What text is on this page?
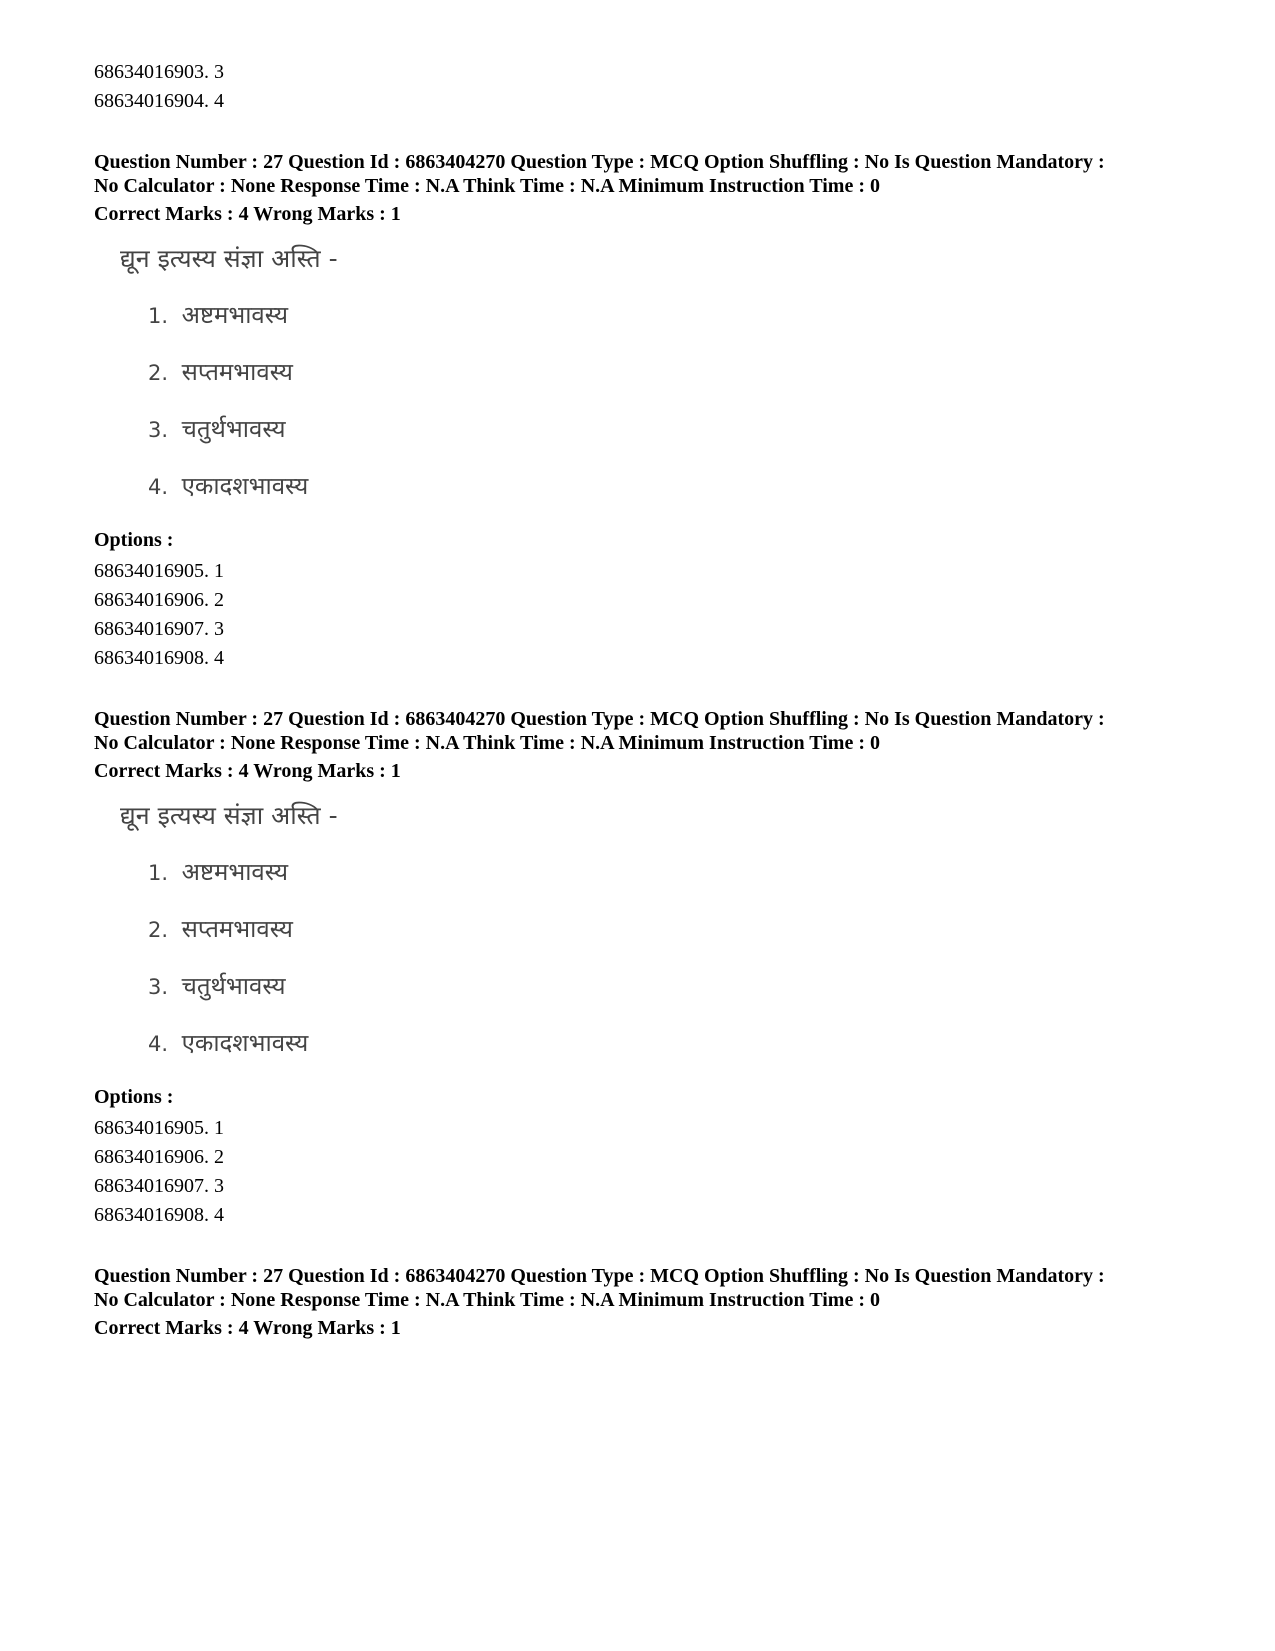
68634016903. 3
68634016904. 4
Question Number : 27 Question Id : 6863404270 Question Type : MCQ Option Shuffling : No Is Question Mandatory :
No Calculator : None Response Time : N.A Think Time : N.A Minimum Instruction Time : 0
Correct Marks : 4 Wrong Marks : 1
द्यून इत्यस्य संज्ञा अस्ति -
1. अष्टमभावस्य
2. सप्तमभावस्य
3. चतुर्थभावस्य
4. एकादशभावस्य
Options :
68634016905. 1
68634016906. 2
68634016907. 3
68634016908. 4
Question Number : 27 Question Id : 6863404270 Question Type : MCQ Option Shuffling : No Is Question Mandatory :
No Calculator : None Response Time : N.A Think Time : N.A Minimum Instruction Time : 0
Correct Marks : 4 Wrong Marks : 1
द्यून इत्यस्य संज्ञा अस्ति -
1. अष्टमभावस्य
2. सप्तमभावस्य
3. चतुर्थभावस्य
4. एकादशभावस्य
Options :
68634016905. 1
68634016906. 2
68634016907. 3
68634016908. 4
Question Number : 27 Question Id : 6863404270 Question Type : MCQ Option Shuffling : No Is Question Mandatory :
No Calculator : None Response Time : N.A Think Time : N.A Minimum Instruction Time : 0
Correct Marks : 4 Wrong Marks : 1
